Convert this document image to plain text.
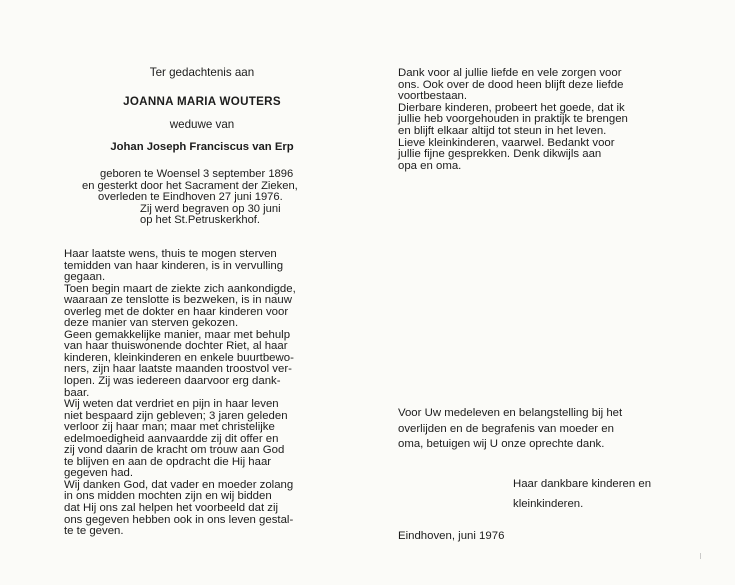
Ter gedachtenis aan
JOANNA MARIA WOUTERS
weduwe van
Johan Joseph Franciscus van Erp
geboren te Woensel 3 september 1896
en gesterkt door het Sacrament der Zieken,
overleden te Eindhoven 27 juni 1976.
Zij werd begraven op 30 juni
op het St.Petruskerkhof.
Haar laatste wens, thuis te mogen sterven
temidden van haar kinderen, is in vervulling
gegaan.
Toen begin maart de ziekte zich aankondigde,
waaraan ze tenslotte is bezweken, is in nauw
overleg met de dokter en haar kinderen voor
deze manier van sterven gekozen.
Geen gemakkelijke manier, maar met behulp
van haar thuiswonende dochter Riet, al haar
kinderen, kleinkinderen en enkele buurtbewo-
ners, zijn haar laatste maanden troostvol ver-
lopen. Zij was iedereen daarvoor erg dank-
baar.
Wij weten dat verdriet en pijn in haar leven
niet bespaard zijn gebleven; 3 jaren geleden
verloor zij haar man; maar met christelijke
edelmoedigheid aanvaardde zij dit offer en
zij vond daarin de kracht om trouw aan God
te blijven en aan de opdracht die Hij haar
gegeven had.
Wij danken God, dat vader en moeder zolang
in ons midden mochten zijn en wij bidden
dat Hij ons zal helpen het voorbeeld dat zij
ons gegeven hebben ook in ons leven gestal-
te te geven.
Dank voor al jullie liefde en vele zorgen voor
ons. Ook over de dood heen blijft deze liefde
voortbestaan.
Dierbare kinderen, probeert het goede, dat ik
jullie heb voorgehouden in praktijk te brengen
en blijft elkaar altijd tot steun in het leven.
Lieve kleinkinderen, vaarwel. Bedankt voor
jullie fijne gesprekken. Denk dikwijls aan
opa en oma.
Voor Uw medeleven en belangstelling bij het
overlijden en de begrafenis van moeder en
oma, betuigen wij U onze oprechte dank.
Haar dankbare kinderen en
kleinkinderen.
Eindhoven, juni 1976
